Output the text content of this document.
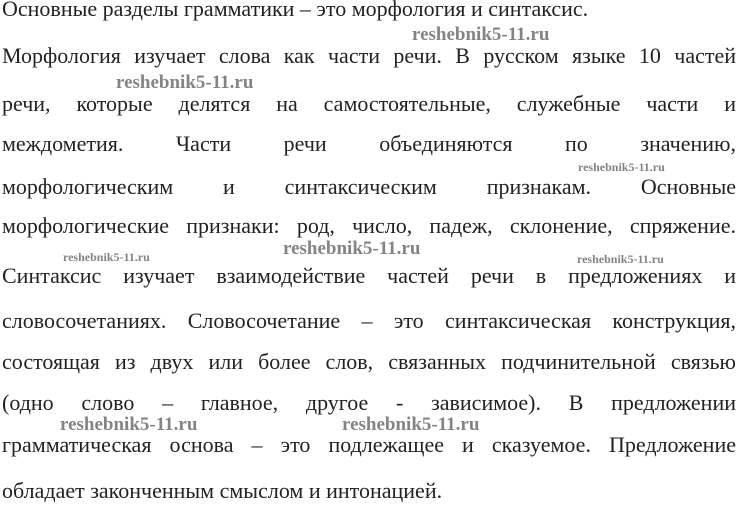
Основные разделы грамматики – это морфология и синтаксис.
Морфология изучает слова как части речи. В русском языке 10 частей
речи, которые делятся на самостоятельные, служебные части и
междометия. Части речи объединяются по значению,
морфологическим и синтаксическим признакам. Основные
морфологические признаки: род, число, падеж, склонение, спряжение.
Синтаксис изучает взаимодействие частей речи в предложениях и
словосочетаниях. Словосочетание – это синтаксическая конструкция,
состоящая из двух или более слов, связанных подчинительной связью
(одно слово – главное, другое - зависимое). В предложении
грамматическая основа – это подлежащее и сказуемое. Предложение
обладает законченным смыслом и интонацией.
reshebnik5-11.ru
reshebnik5-11.ru
reshebnik5-11.ru
reshebnik5-11.ru	reshebnik5-11.ru	reshebnik5-11.ru
reshebnik5-11.ru	reshebnik5-11.ru
